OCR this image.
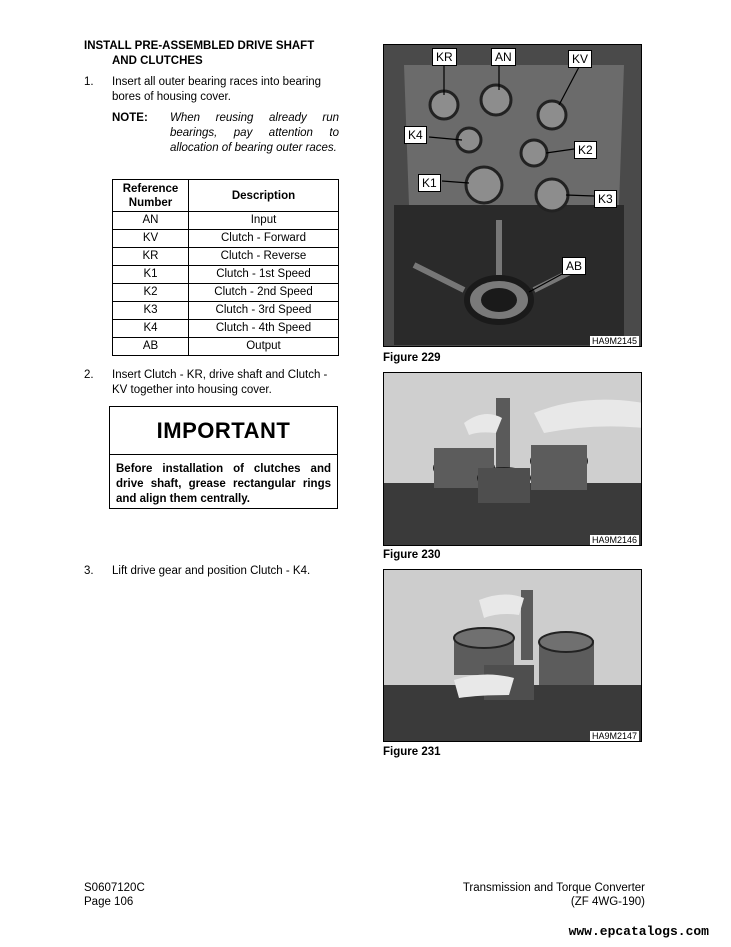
INSTALL PRE-ASSEMBLED DRIVE SHAFT
AND CLUTCHES
1. Insert all outer bearing races into bearing
bores of housing cover.
NOTE: When reusing already run bearings, pay attention to allocation of bearing outer races.
Reference
Number	Description
AN	Input
KV	Clutch - Forward
KR	Clutch - Reverse
K1	Clutch - 1st Speed
K2	Clutch - 2nd Speed
K3	Clutch - 3rd Speed
K4	Clutch - 4th Speed
AB	Output
2. Insert Clutch - KR, drive shaft and Clutch -
KV together into housing cover.
IMPORTANT
Before installation of clutches and drive shaft, grease rectangular rings and align them centrally.
3. Lift drive gear and position Clutch - K4.
KR	AN	KV
K4
K2
K1
K3
AB
HA9M2145
Figure 229
HA9M2146
Figure 230
HA9M2147
Figure 231
S0607120C
Page 106
Transmission and Torque Converter
(ZF 4WG-190)
www.epcatalogs.com
